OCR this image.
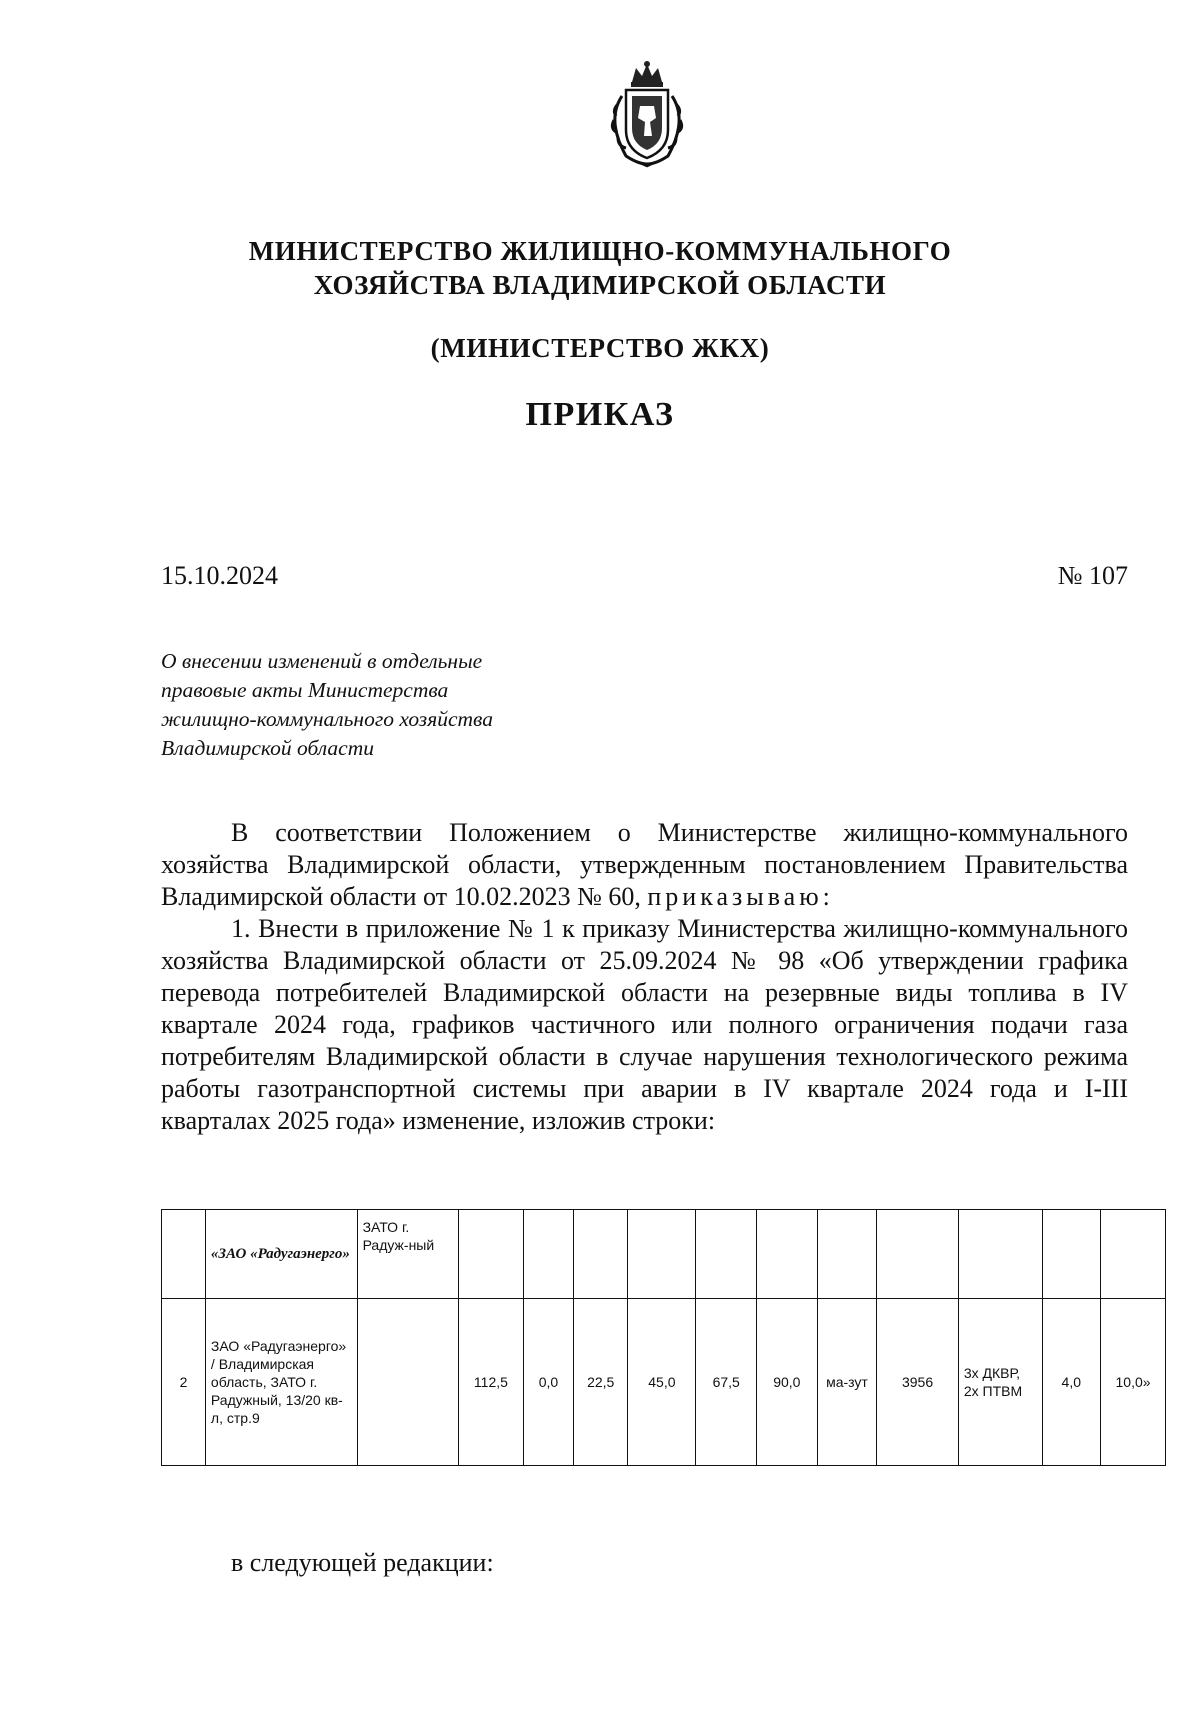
МИНИСТЕРСТВО ЖИЛИЩНО-КОММУНАЛЬНОГО
ХОЗЯЙСТВА ВЛАДИМИРСКОЙ ОБЛАСТИ
(МИНИСТЕРСТВО ЖКХ)
ПРИКАЗ
15.10.2024	№ 107
О внесении изменений в отдельные
правовые акты Министерства
жилищно-коммунального хозяйства
Владимирской области

В соответствии Положением о Министерстве жилищно-коммунального хозяйства Владимирской области, утвержденным постановлением Правительства Владимирской области от 10.02.2023 № 60, приказываю:

1. Внести в приложение № 1 к приказу Министерства жилищно-коммунального хозяйства Владимирской области от 25.09.2024 № 98 «Об утверждении графика перевода потребителей Владимирской области на резервные виды топлива в IV квартале 2024 года, графиков частичного или полного ограничения подачи газа потребителям Владимирской области в случае нарушения технологического режима работы газотранспортной системы при аварии в IV квартале 2024 года и I-III кварталах 2025 года» изменение, изложив строки:

	«ЗАО «Радугаэнерго»	ЗАТО г. Радуж-ный											
2	ЗАО «Радугаэнерго» / Владимирская область, ЗАТО г. Радужный, 13/20 кв-л, стр.9		112,5	0,0	22,5	45,0	67,5	90,0	ма-зут	3956	3х ДКВР, 2х ПТВМ	4,0	10,0»
в следующей редакции:
